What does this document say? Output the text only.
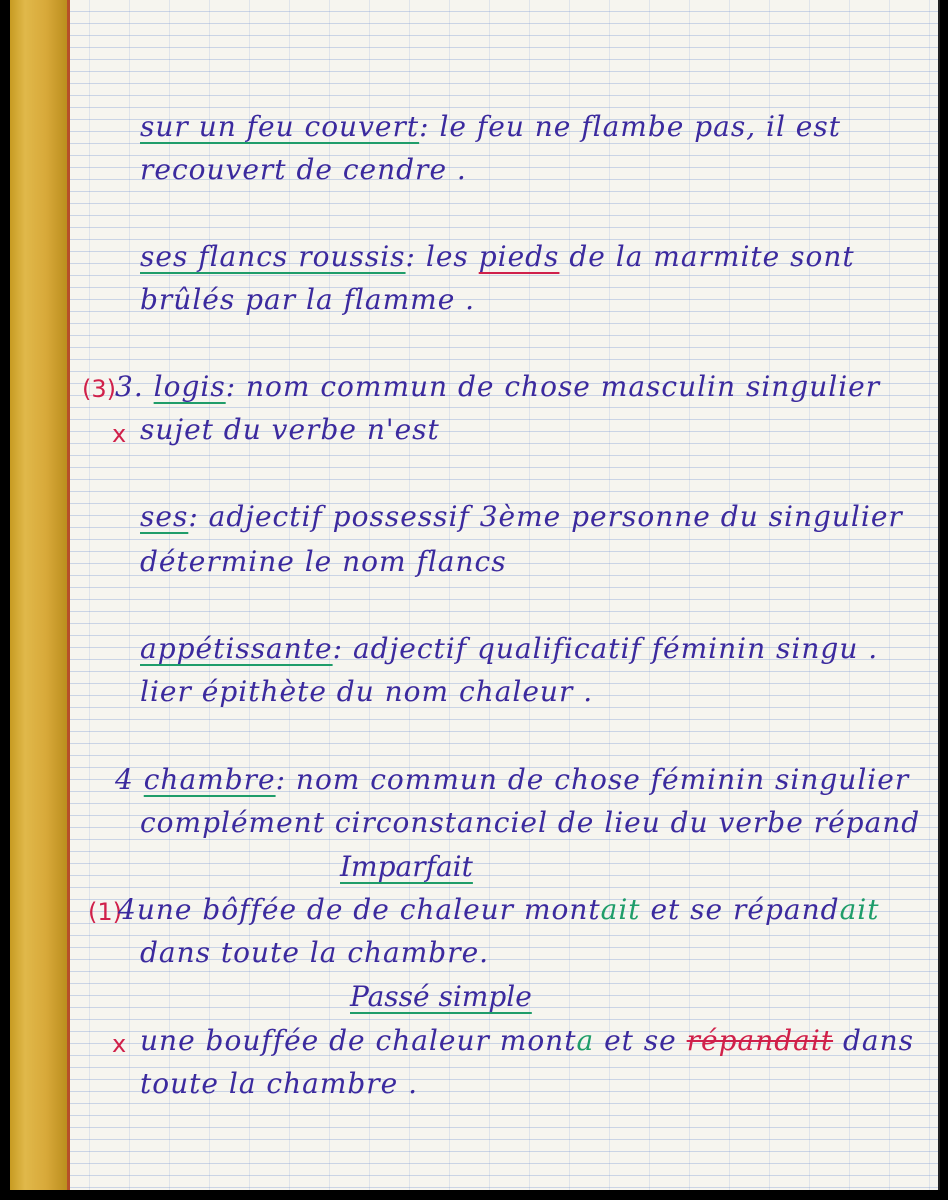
sur un feu couvert: le feu ne flambe pas, il est
recouvert de cendre .
ses flancs roussis: les pieds de la marmite sont
brûlés par la flamme .
(3) 3. logis: nom commun de chose masculin singulier
x sujet du verbe n'est
ses: adjectif possessif 3ème personne du singulier
détermine le nom flancs
appétissante: adjectif qualificatif féminin singu .
lier épithète du nom chaleur .
4 chambre: nom commun de chose féminin singulier
complément circonstanciel de lieu du verbe répand
Imparfait
(1)
4une bôffée de de chaleur montait et se répandait
dans toute la chambre.
Passé simple
x une bouffée de chaleur monta et se répandait dans
toute la chambre .
